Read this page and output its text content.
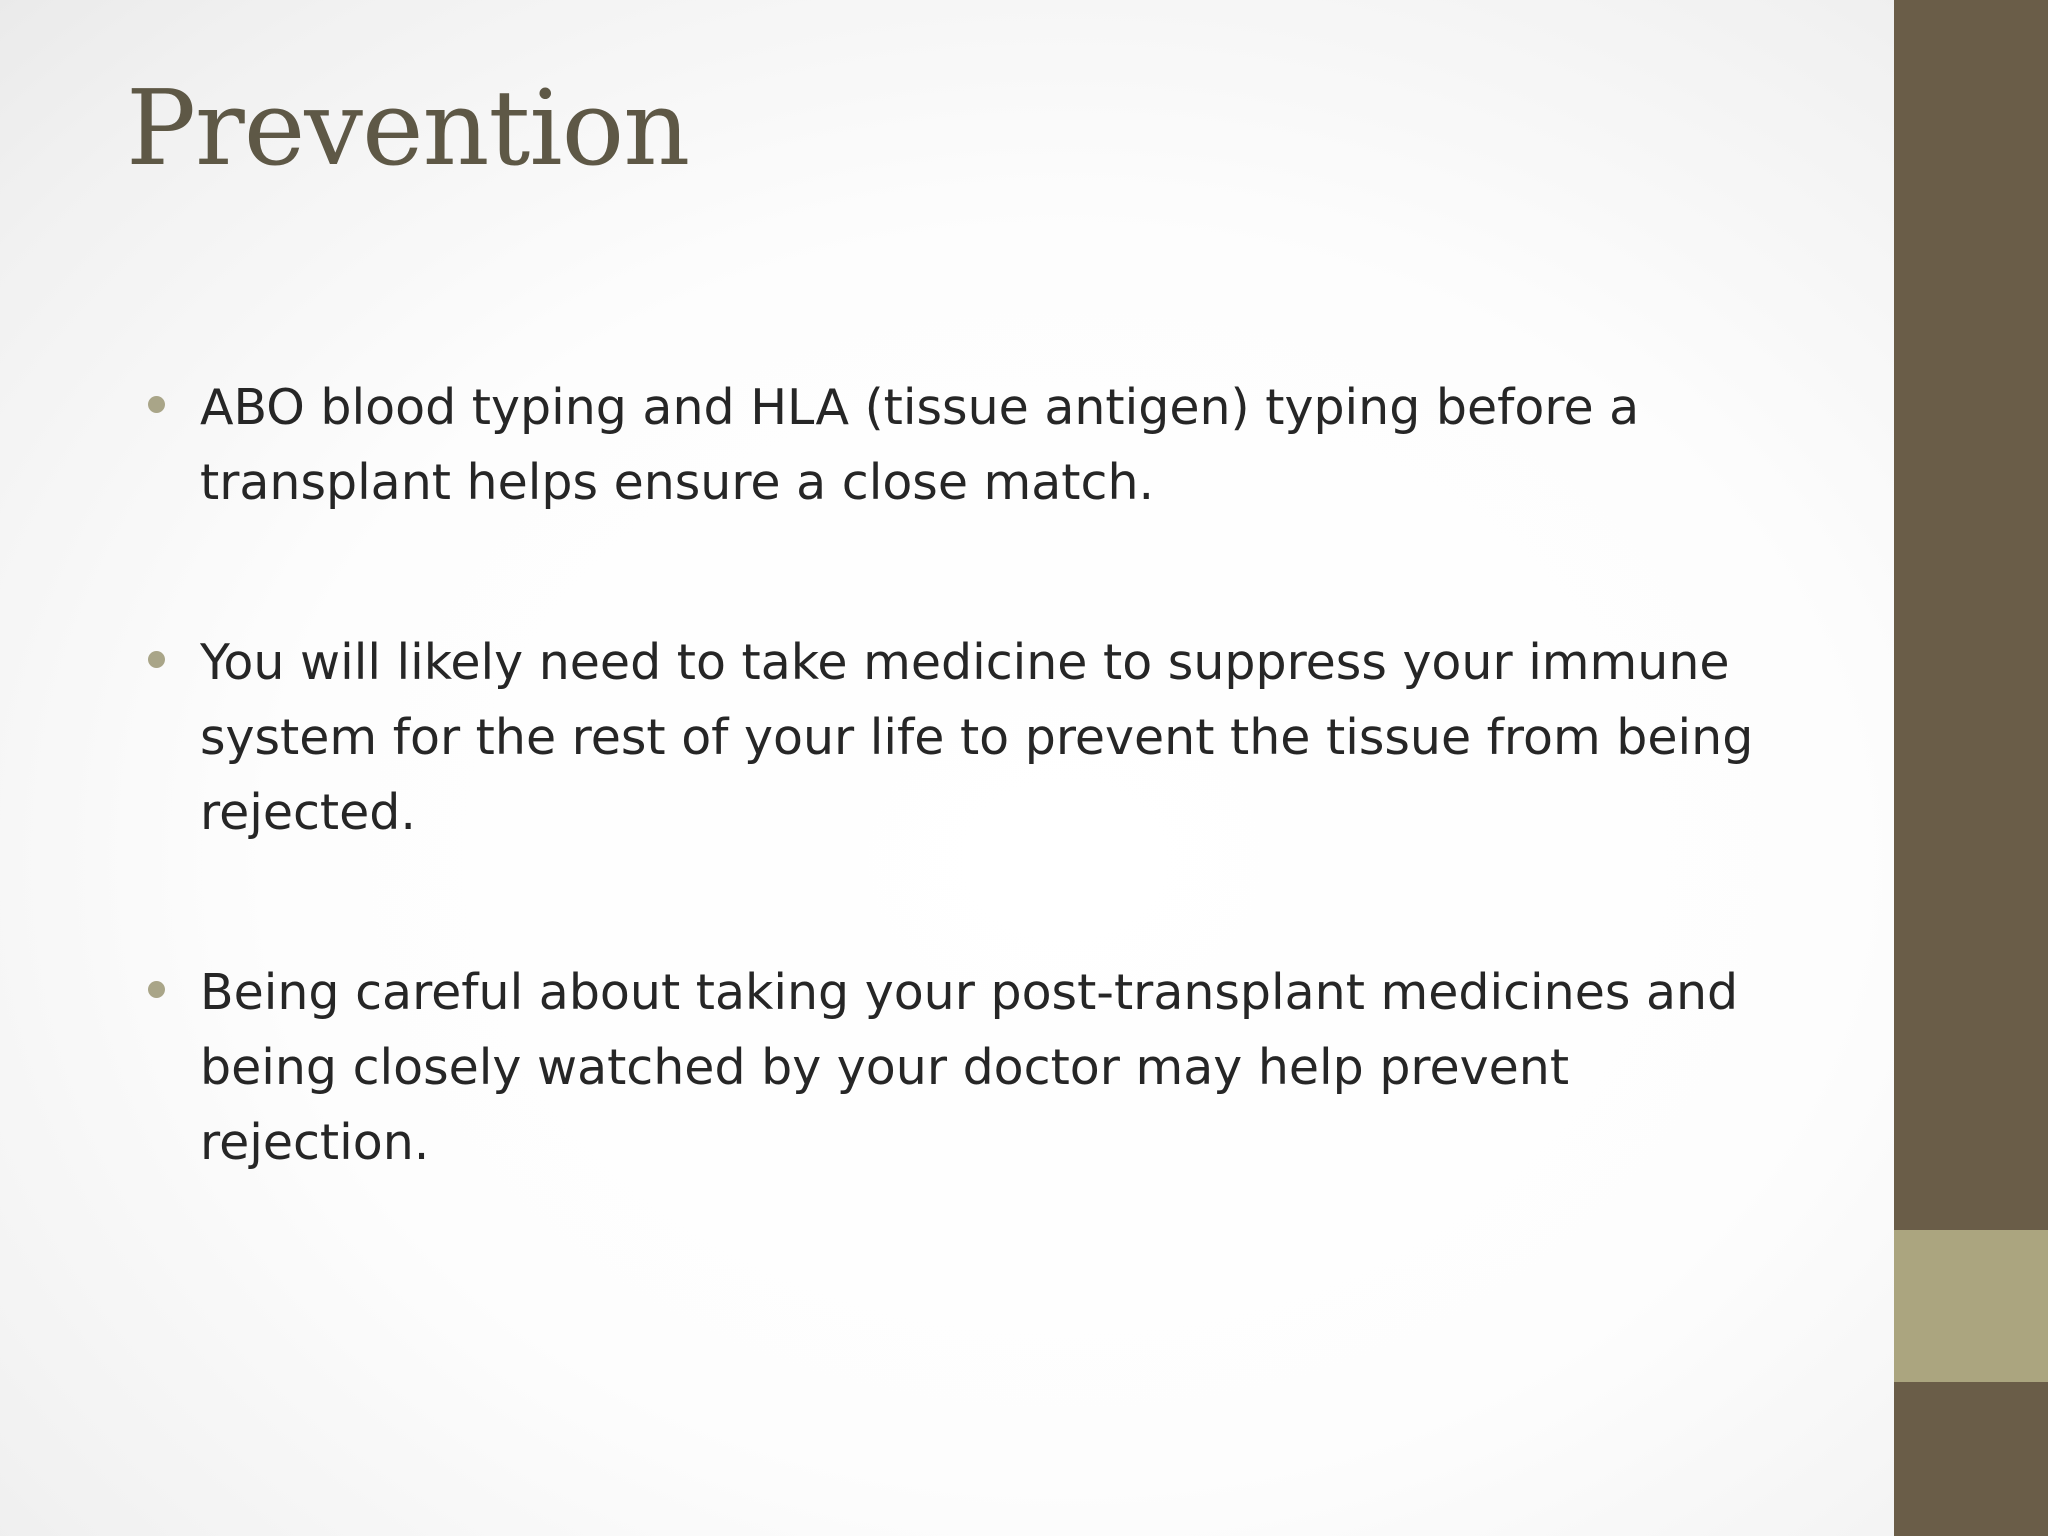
Prevention
ABO blood typing and HLA (tissue antigen) typing before a transplant helps ensure a close match.
You will likely need to take medicine to suppress your immune system for the rest of your life to prevent the tissue from being rejected.
Being careful about taking your post-transplant medicines and being closely watched by your doctor may help prevent rejection.
